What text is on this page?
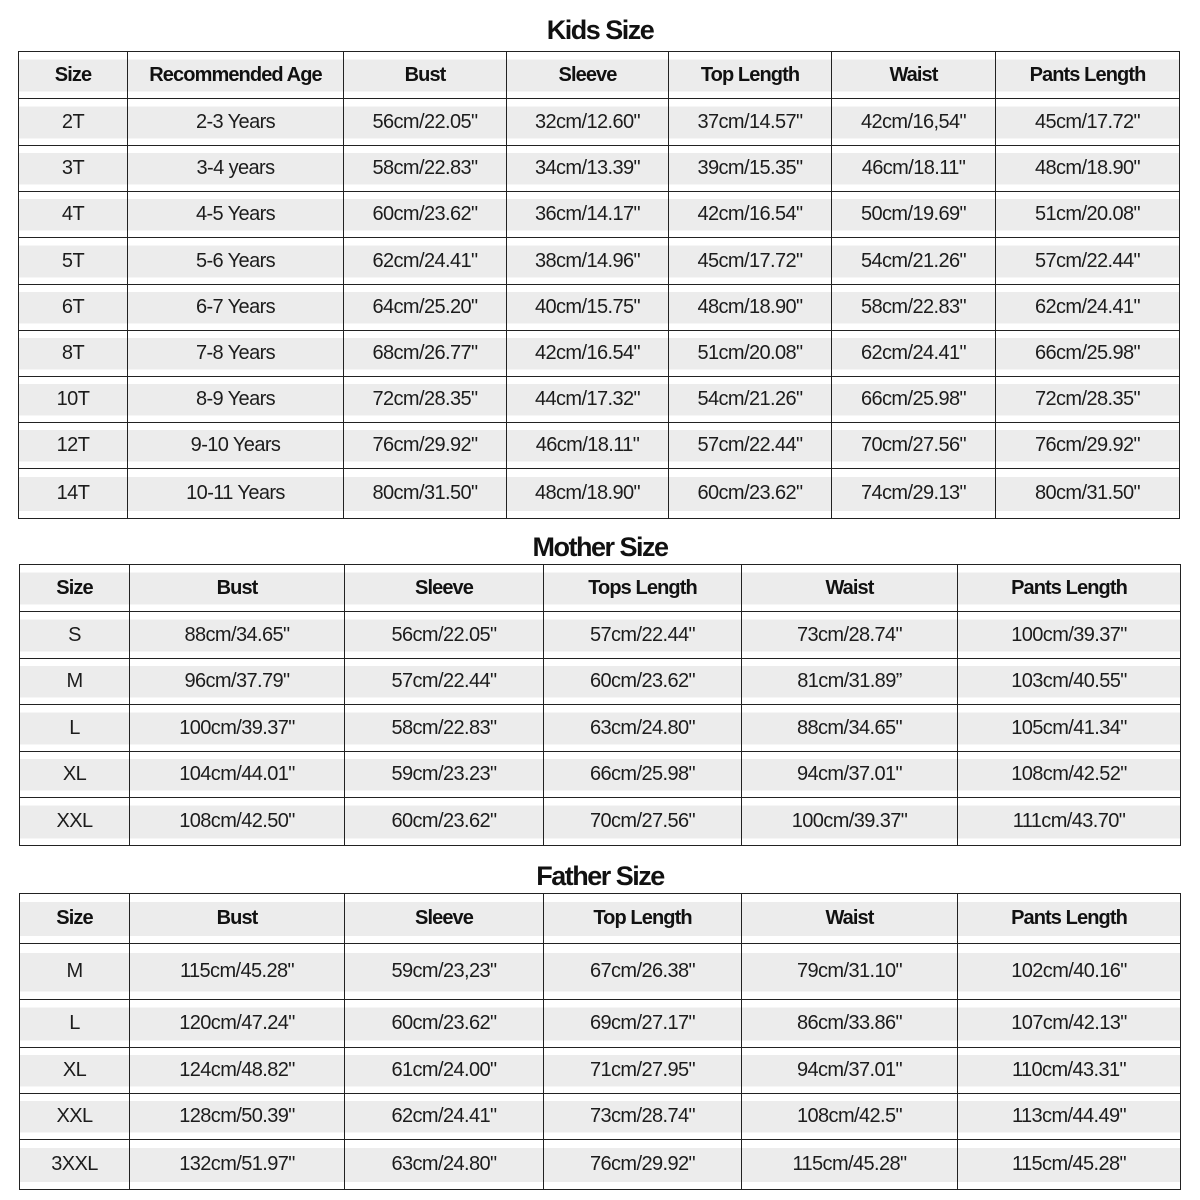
Kids Size
Size	Recommended Age	Bust	Sleeve	Top Length	Waist	Pants Length
2T	2-3 Years	56cm/22.05"	32cm/12.60"	37cm/14.57"	42cm/16,54"	45cm/17.72"
3T	3-4 years	58cm/22.83"	34cm/13.39"	39cm/15.35"	46cm/18.11"	48cm/18.90"
4T	4-5 Years	60cm/23.62"	36cm/14.17"	42cm/16.54"	50cm/19.69"	51cm/20.08"
5T	5-6 Years	62cm/24.41"	38cm/14.96"	45cm/17.72"	54cm/21.26"	57cm/22.44"
6T	6-7 Years	64cm/25.20"	40cm/15.75"	48cm/18.90"	58cm/22.83"	62cm/24.41"
8T	7-8 Years	68cm/26.77"	42cm/16.54"	51cm/20.08"	62cm/24.41"	66cm/25.98"
10T	8-9 Years	72cm/28.35"	44cm/17.32"	54cm/21.26"	66cm/25.98"	72cm/28.35"
12T	9-10 Years	76cm/29.92"	46cm/18.11"	57cm/22.44"	70cm/27.56"	76cm/29.92"
14T	10-11 Years	80cm/31.50"	48cm/18.90"	60cm/23.62"	74cm/29.13"	80cm/31.50"
Mother Size
Size	Bust	Sleeve	Tops Length	Waist	Pants Length
S	88cm/34.65"	56cm/22.05"	57cm/22.44"	73cm/28.74"	100cm/39.37"
M	96cm/37.79"	57cm/22.44"	60cm/23.62"	81cm/31.89”	103cm/40.55"
L	100cm/39.37"	58cm/22.83"	63cm/24.80"	88cm/34.65"	105cm/41.34"
XL	104cm/44.01"	59cm/23.23"	66cm/25.98"	94cm/37.01"	108cm/42.52"
XXL	108cm/42.50"	60cm/23.62"	70cm/27.56"	100cm/39.37"	111cm/43.70"
Father Size
Size	Bust	Sleeve	Top Length	Waist	Pants Length
M	115cm/45.28"	59cm/23,23"	67cm/26.38"	79cm/31.10"	102cm/40.16"
L	120cm/47.24"	60cm/23.62"	69cm/27.17"	86cm/33.86"	107cm/42.13"
XL	124cm/48.82"	61cm/24.00"	71cm/27.95"	94cm/37.01"	110cm/43.31"
XXL	128cm/50.39"	62cm/24.41"	73cm/28.74"	108cm/42.5"	113cm/44.49"
3XXL	132cm/51.97"	63cm/24.80"	76cm/29.92"	115cm/45.28"	115cm/45.28"
